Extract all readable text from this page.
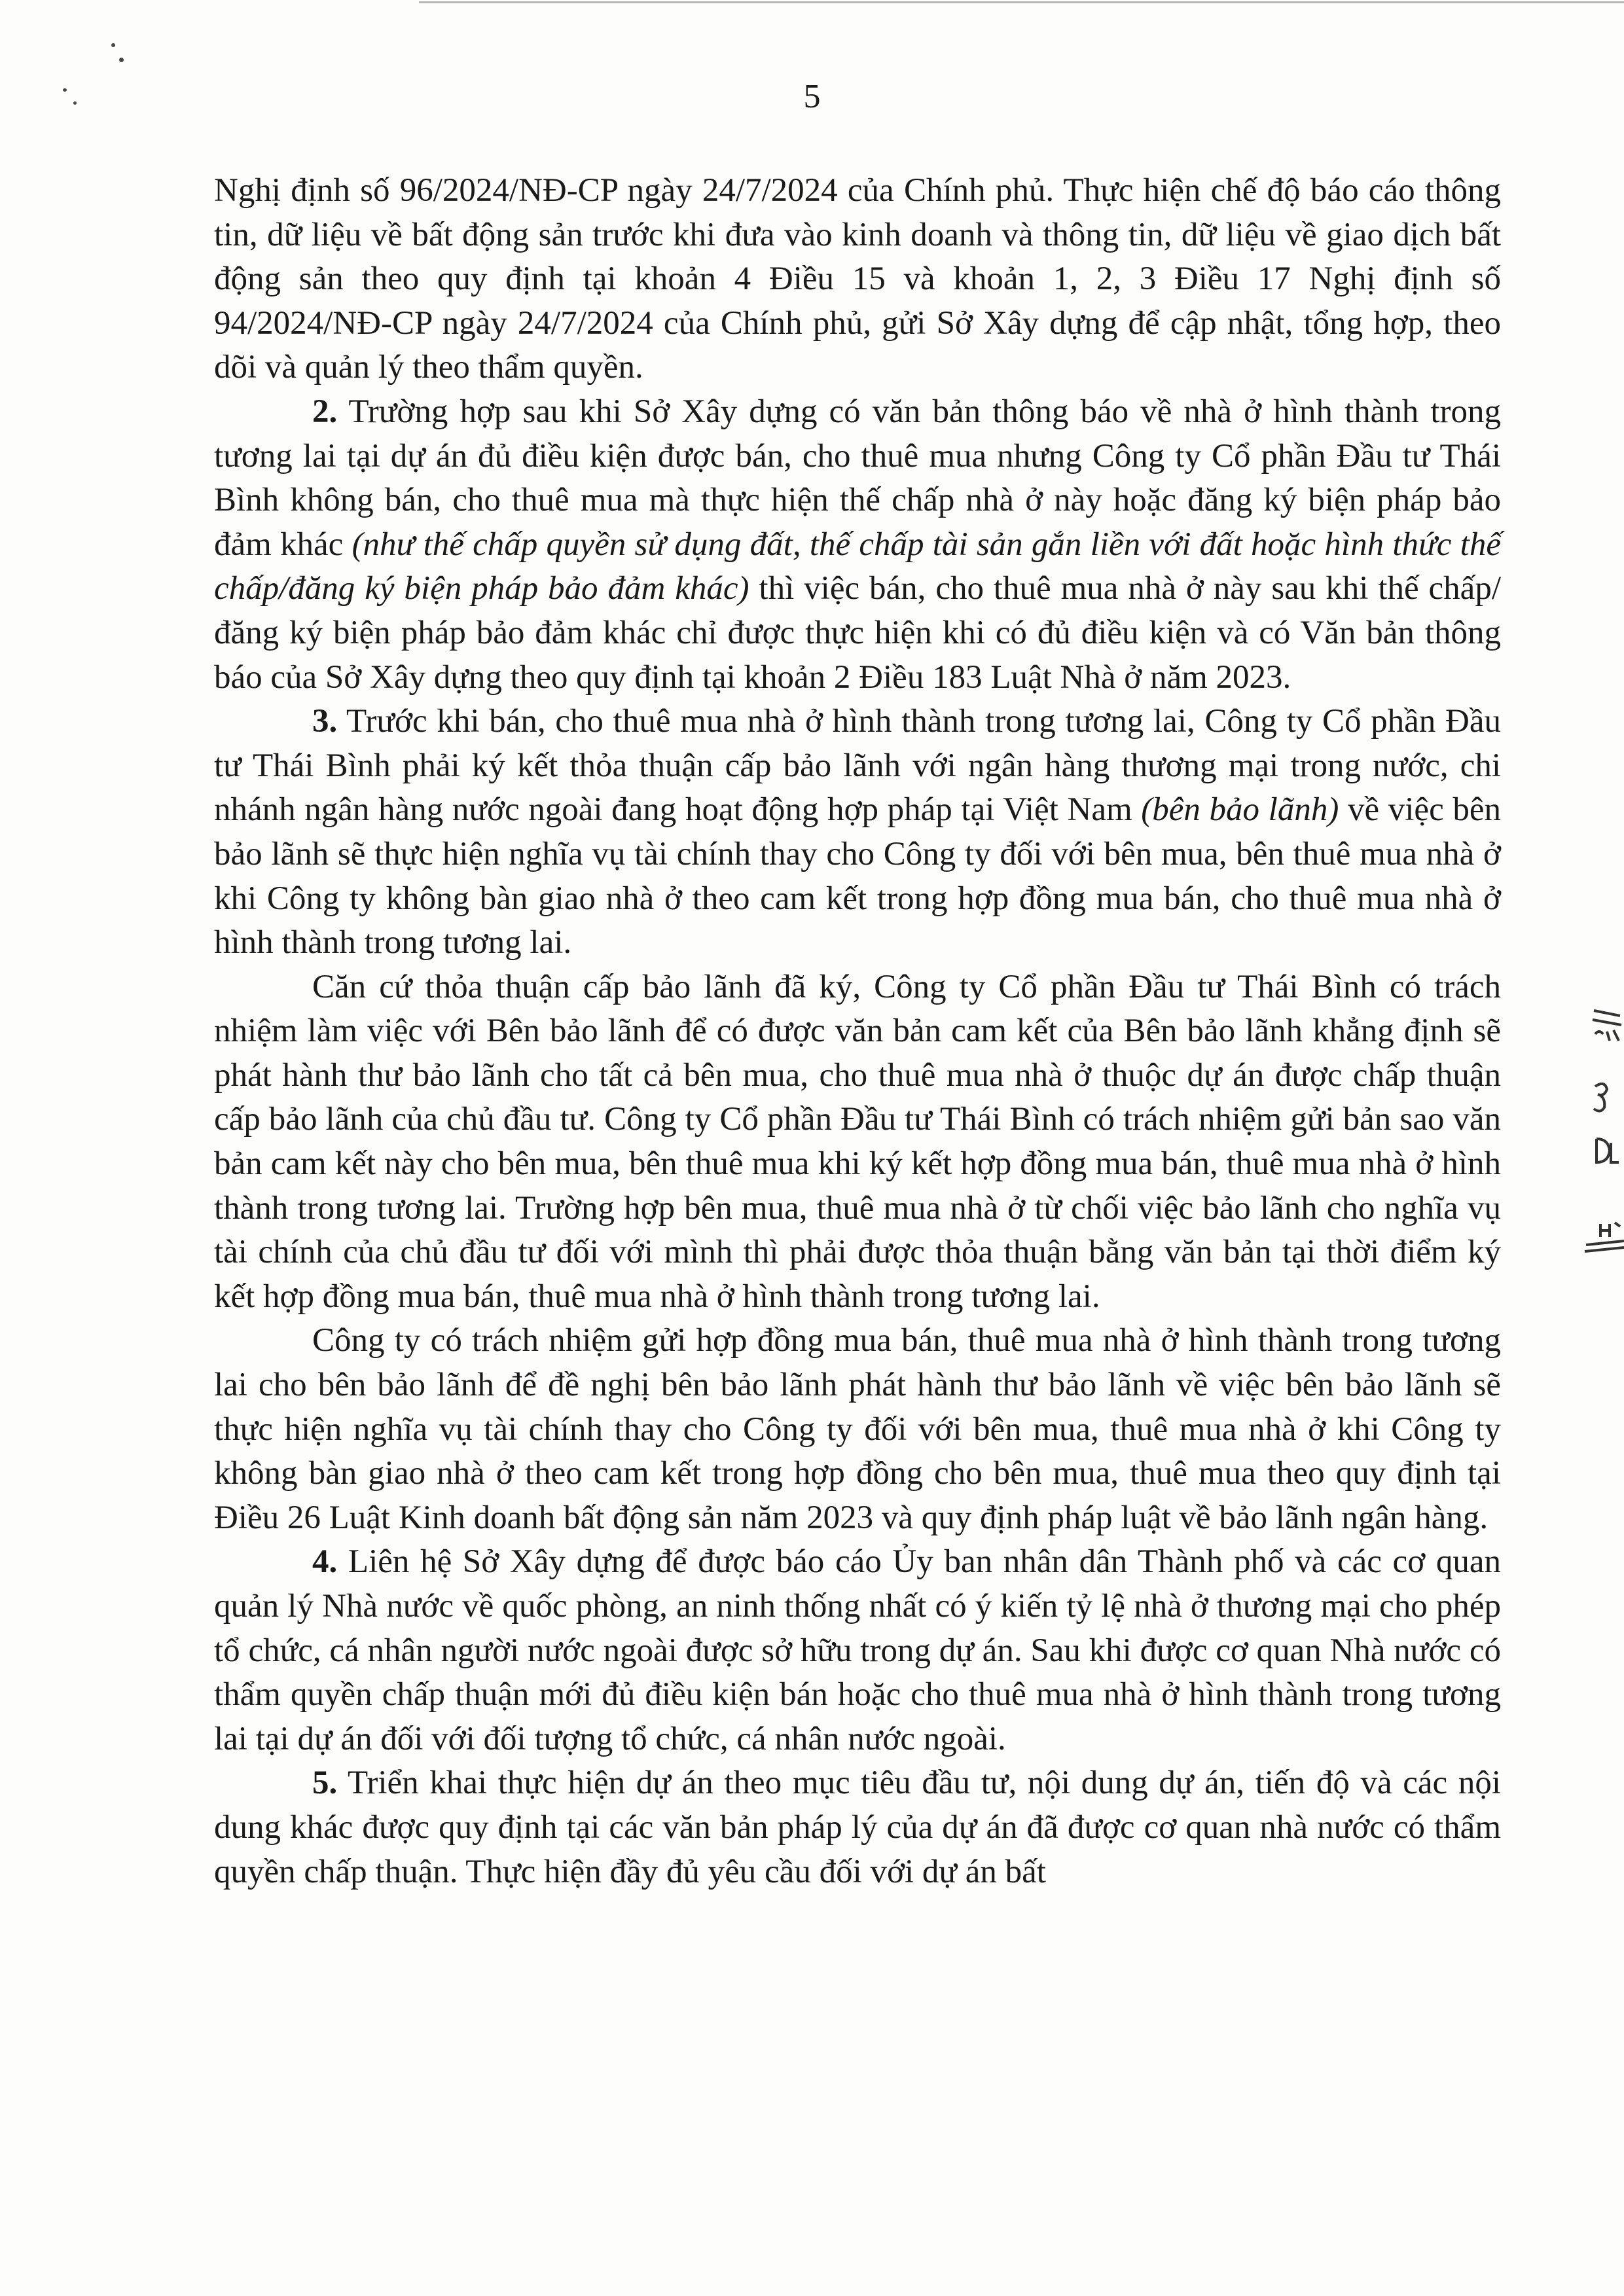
5

Nghị định số 96/2024/NĐ-CP ngày 24/7/2024 của Chính phủ. Thực hiện chế độ báo cáo thông tin, dữ liệu về bất động sản trước khi đưa vào kinh doanh và thông tin, dữ liệu về giao dịch bất động sản theo quy định tại khoản 4 Điều 15 và khoản 1, 2, 3 Điều 17 Nghị định số 94/2024/NĐ-CP ngày 24/7/2024 của Chính phủ, gửi Sở Xây dựng để cập nhật, tổng hợp, theo dõi và quản lý theo thẩm quyền.

2. Trường hợp sau khi Sở Xây dựng có văn bản thông báo về nhà ở hình thành trong tương lai tại dự án đủ điều kiện được bán, cho thuê mua nhưng Công ty Cổ phần Đầu tư Thái Bình không bán, cho thuê mua mà thực hiện thế chấp nhà ở này hoặc đăng ký biện pháp bảo đảm khác (như thế chấp quyền sử dụng đất, thế chấp tài sản gắn liền với đất hoặc hình thức thế chấp/đăng ký biện pháp bảo đảm khác) thì việc bán, cho thuê mua nhà ở này sau khi thế chấp/đăng ký biện pháp bảo đảm khác chỉ được thực hiện khi có đủ điều kiện và có Văn bản thông báo của Sở Xây dựng theo quy định tại khoản 2 Điều 183 Luật Nhà ở năm 2023.

3. Trước khi bán, cho thuê mua nhà ở hình thành trong tương lai, Công ty Cổ phần Đầu tư Thái Bình phải ký kết thỏa thuận cấp bảo lãnh với ngân hàng thương mại trong nước, chi nhánh ngân hàng nước ngoài đang hoạt động hợp pháp tại Việt Nam (bên bảo lãnh) về việc bên bảo lãnh sẽ thực hiện nghĩa vụ tài chính thay cho Công ty đối với bên mua, bên thuê mua nhà ở khi Công ty không bàn giao nhà ở theo cam kết trong hợp đồng mua bán, cho thuê mua nhà ở hình thành trong tương lai.

Căn cứ thỏa thuận cấp bảo lãnh đã ký, Công ty Cổ phần Đầu tư Thái Bình có trách nhiệm làm việc với Bên bảo lãnh để có được văn bản cam kết của Bên bảo lãnh khẳng định sẽ phát hành thư bảo lãnh cho tất cả bên mua, cho thuê mua nhà ở thuộc dự án được chấp thuận cấp bảo lãnh của chủ đầu tư. Công ty Cổ phần Đầu tư Thái Bình có trách nhiệm gửi bản sao văn bản cam kết này cho bên mua, bên thuê mua khi ký kết hợp đồng mua bán, thuê mua nhà ở hình thành trong tương lai. Trường hợp bên mua, thuê mua nhà ở từ chối việc bảo lãnh cho nghĩa vụ tài chính của chủ đầu tư đối với mình thì phải được thỏa thuận bằng văn bản tại thời điểm ký kết hợp đồng mua bán, thuê mua nhà ở hình thành trong tương lai.

Công ty có trách nhiệm gửi hợp đồng mua bán, thuê mua nhà ở hình thành trong tương lai cho bên bảo lãnh để đề nghị bên bảo lãnh phát hành thư bảo lãnh về việc bên bảo lãnh sẽ thực hiện nghĩa vụ tài chính thay cho Công ty đối với bên mua, thuê mua nhà ở khi Công ty không bàn giao nhà ở theo cam kết trong hợp đồng cho bên mua, thuê mua theo quy định tại Điều 26 Luật Kinh doanh bất động sản năm 2023 và quy định pháp luật về bảo lãnh ngân hàng.

4. Liên hệ Sở Xây dựng để được báo cáo Ủy ban nhân dân Thành phố và các cơ quan quản lý Nhà nước về quốc phòng, an ninh thống nhất có ý kiến tỷ lệ nhà ở thương mại cho phép tổ chức, cá nhân người nước ngoài được sở hữu trong dự án. Sau khi được cơ quan Nhà nước có thẩm quyền chấp thuận mới đủ điều kiện bán hoặc cho thuê mua nhà ở hình thành trong tương lai tại dự án đối với đối tượng tổ chức, cá nhân nước ngoài.

5. Triển khai thực hiện dự án theo mục tiêu đầu tư, nội dung dự án, tiến độ và các nội dung khác được quy định tại các văn bản pháp lý của dự án đã được cơ quan nhà nước có thẩm quyền chấp thuận. Thực hiện đầy đủ yêu cầu đối với dự án bất
